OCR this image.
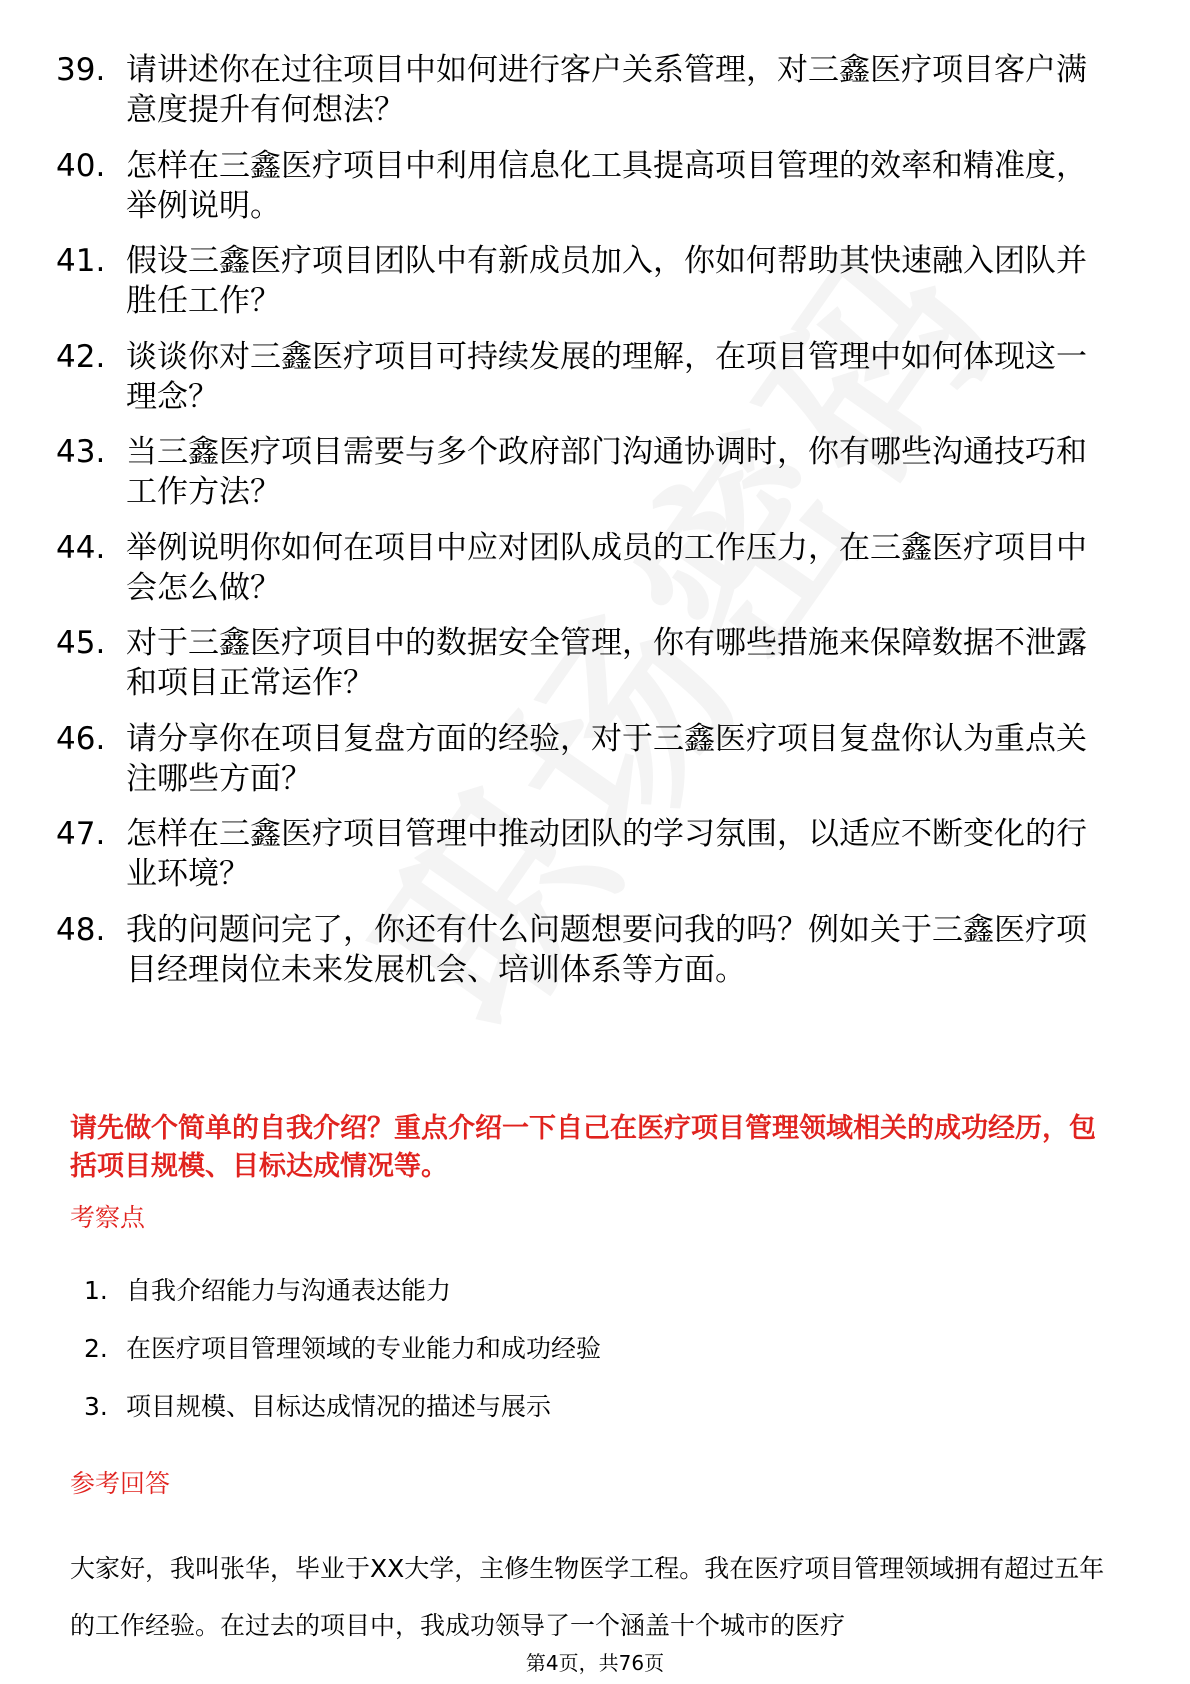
39. 请讲述你在过往项目中如何进行客户关系管理，对三鑫医疗项目客户满意度提升有何想法？
40. 怎样在三鑫医疗项目中利用信息化工具提高项目管理的效率和精准度，举例说明。
41. 假设三鑫医疗项目团队中有新成员加入，你如何帮助其快速融入团队并胜任工作？
42. 谈谈你对三鑫医疗项目可持续发展的理解，在项目管理中如何体现这一理念？
43. 当三鑫医疗项目需要与多个政府部门沟通协调时，你有哪些沟通技巧和工作方法？
44. 举例说明你如何在项目中应对团队成员的工作压力，在三鑫医疗项目中会怎么做？
45. 对于三鑫医疗项目中的数据安全管理，你有哪些措施来保障数据不泄露和项目正常运作？
46. 请分享你在项目复盘方面的经验，对于三鑫医疗项目复盘你认为重点关注哪些方面？
47. 怎样在三鑫医疗项目管理中推动团队的学习氛围，以适应不断变化的行业环境？
48. 我的问题问完了，你还有什么问题想要问我的吗？例如关于三鑫医疗项目经理岗位未来发展机会、培训体系等方面。
请先做个简单的自我介绍？重点介绍一下自己在医疗项目管理领域相关的成功经历，包括项目规模、目标达成情况等。
考察点
1. 自我介绍能力与沟通表达能力
2. 在医疗项目管理领域的专业能力和成功经验
3. 项目规模、目标达成情况的描述与展示
参考回答
大家好，我叫张华，毕业于XX大学，主修生物医学工程。我在医疗项目管理领域拥有超过五年的工作经验。在过去的项目中，我成功领导了一个涵盖十个城市的医疗
第4页，共76页
